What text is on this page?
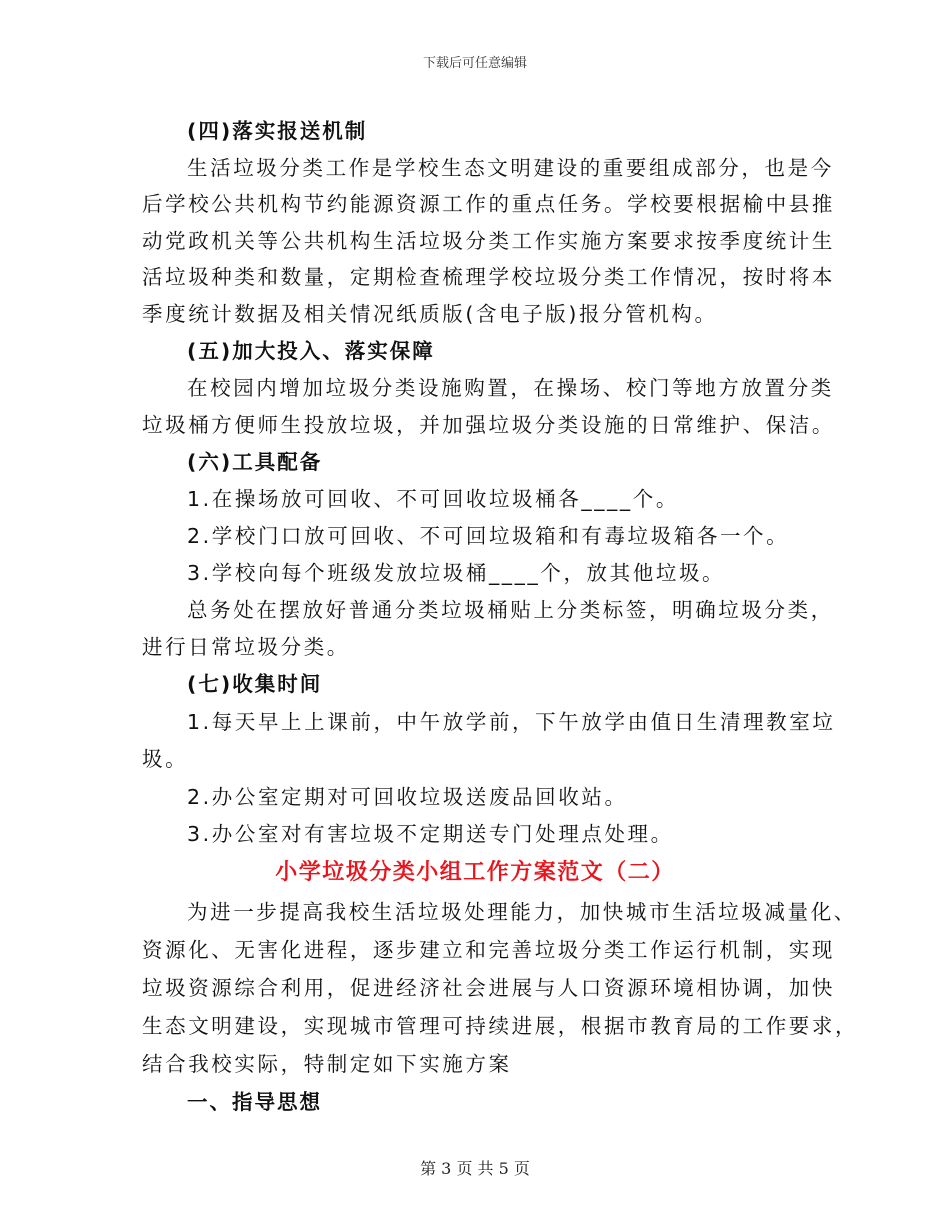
下载后可任意编辑
(四)落实报送机制
生活垃圾分类工作是学校生态文明建设的重要组成部分，也是今
后学校公共机构节约能源资源工作的重点任务。学校要根据榆中县推
动党政机关等公共机构生活垃圾分类工作实施方案要求按季度统计生
活垃圾种类和数量，定期检查梳理学校垃圾分类工作情况，按时将本
季度统计数据及相关情况纸质版(含电子版)报分管机构。
(五)加大投入、落实保障
在校园内增加垃圾分类设施购置，在操场、校门等地方放置分类
垃圾桶方便师生投放垃圾，并加强垃圾分类设施的日常维护、保洁。
(六)工具配备
1.在操场放可回收、不可回收垃圾桶各____个。
2.学校门口放可回收、不可回垃圾箱和有毒垃圾箱各一个。
3.学校向每个班级发放垃圾桶____个，放其他垃圾。
总务处在摆放好普通分类垃圾桶贴上分类标签，明确垃圾分类，
进行日常垃圾分类。
(七)收集时间
1.每天早上上课前，中午放学前，下午放学由值日生清理教室垃
圾。
2.办公室定期对可回收垃圾送废品回收站。
3.办公室对有害垃圾不定期送专门处理点处理。
小学垃圾分类小组工作方案范文（二）
为进一步提高我校生活垃圾处理能力，加快城市生活垃圾减量化、
资源化、无害化进程，逐步建立和完善垃圾分类工作运行机制，实现
垃圾资源综合利用，促进经济社会进展与人口资源环境相协调，加快
生态文明建设，实现城市管理可持续进展，根据市教育局的工作要求，
结合我校实际，特制定如下实施方案
一、指导思想
第 3 页 共 5 页
